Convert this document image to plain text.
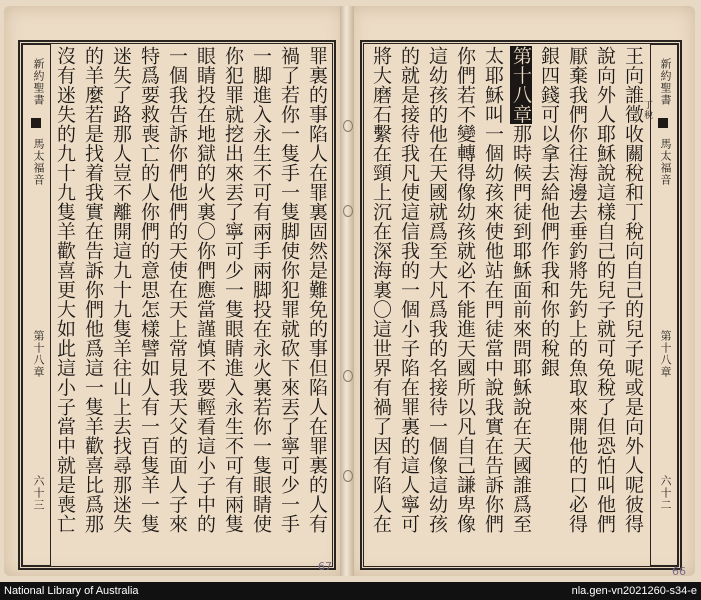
新約聖書
馬太福音
第十八章
六十三	罪裏的事陷人在罪裏固然是難免的事但陷人在罪裏的人有
禍了若你一隻手一隻脚使你犯罪就砍下來丟了寧可少一手
一脚進入永生不可有兩手兩脚投在永火裏若你一隻眼睛使
你犯罪就挖出來丟了寧可少一隻眼睛進入永生不可有兩隻
眼睛投在地獄的火裏〇你們應當謹慎不要輕看這小子中的
一個我告訴你們他們的天使在天上常見我天父的面人子來
特爲要救喪亡的人你們的意思怎樣譬如人有一百隻羊一隻
迷失了路那人豈不離開這九十九隻羊往山上去找尋那迷失
的羊麼若是找着我實在告訴你們他爲這一隻羊歡喜比爲那
沒有迷失的九十九隻羊歡喜更大如此這小子當中就是喪亡	新約聖書
馬太福音
第十八章
六十二
王向誰徵收關稅和丁稅向自己的兒子呢或是向外人呢彼得
說向外人耶穌說這樣自己的兒子就可免稅了但恐怕叫他們
厭棄我們你往海邊去垂釣將先釣上的魚取來開他的口必得
銀四錢可以拿去給他們作我和你的稅銀
第十八章那時候門徒到耶穌面前來問耶穌說在天國誰爲至
太耶穌叫一個幼孩來使他站在門徒當中說我實在告訴你們
你們若不變轉得像幼孩就必不能進天國所以凡自己謙卑像
這幼孩的他在天國就爲至大凡爲我的名接待一個像這幼孩
的就是接待我凡使這信我的一個小子陷在罪裏的這人寧可
將大磨石繫在頸上沉在深海裏〇這世界有禍了因有陷人在	丁稅
67	66
National Library of Australia	nla.gen-vn2021260-s34-e
